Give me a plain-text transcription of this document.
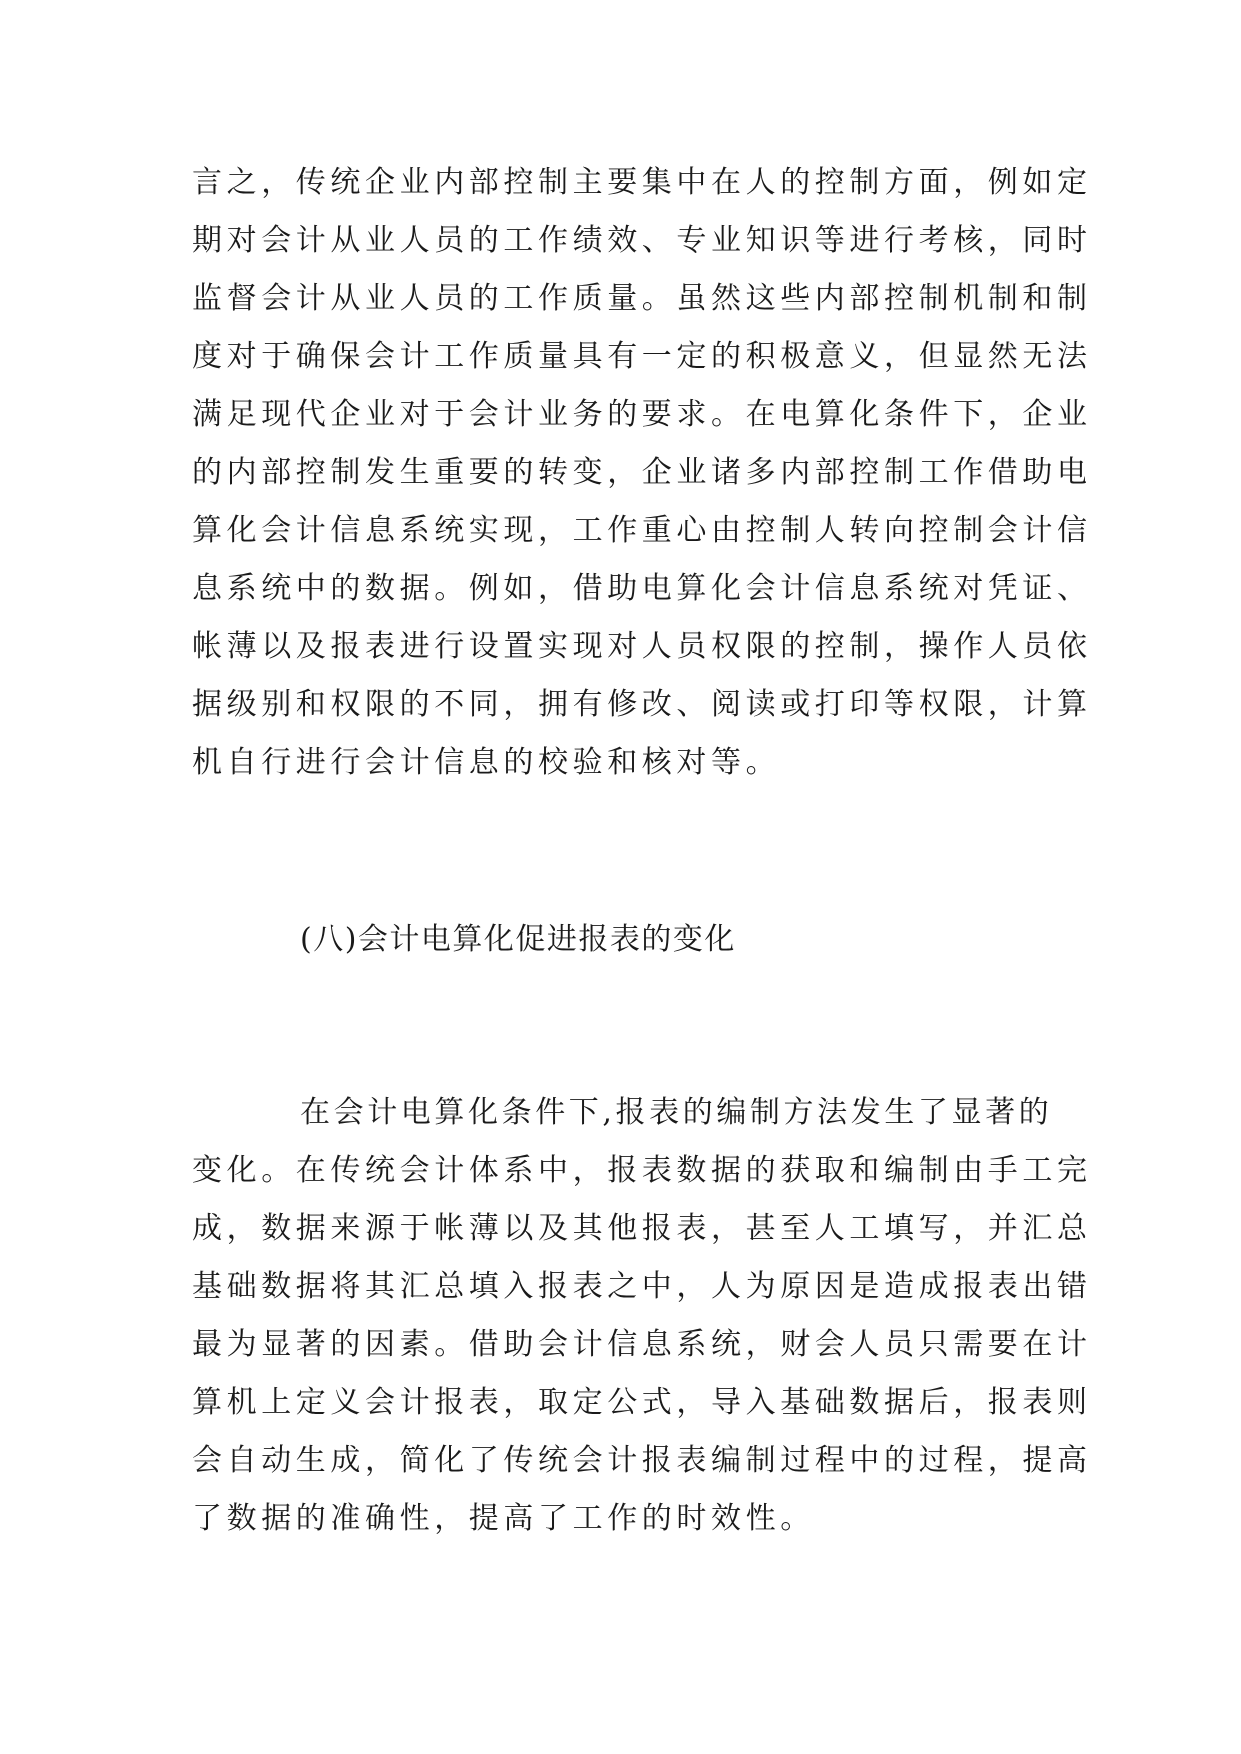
言之，传统企业内部控制主要集中在人的控制方面，例如定
期对会计从业人员的工作绩效、专业知识等进行考核，同时
监督会计从业人员的工作质量。虽然这些内部控制机制和制
度对于确保会计工作质量具有一定的积极意义，但显然无法
满足现代企业对于会计业务的要求。在电算化条件下，企业
的内部控制发生重要的转变，企业诸多内部控制工作借助电
算化会计信息系统实现，工作重心由控制人转向控制会计信
息系统中的数据。例如，借助电算化会计信息系统对凭证、
帐薄以及报表进行设置实现对人员权限的控制，操作人员依
据级别和权限的不同，拥有修改、阅读或打印等权限，计算
机自行进行会计信息的校验和核对等。
(八)会计电算化促进报表的变化
在会计电算化条件下,报表的编制方法发生了显著的
变化。在传统会计体系中，报表数据的获取和编制由手工完
成，数据来源于帐薄以及其他报表，甚至人工填写，并汇总
基础数据将其汇总填入报表之中，人为原因是造成报表出错
最为显著的因素。借助会计信息系统，财会人员只需要在计
算机上定义会计报表，取定公式，导入基础数据后，报表则
会自动生成，简化了传统会计报表编制过程中的过程，提高
了数据的准确性，提高了工作的时效性。
